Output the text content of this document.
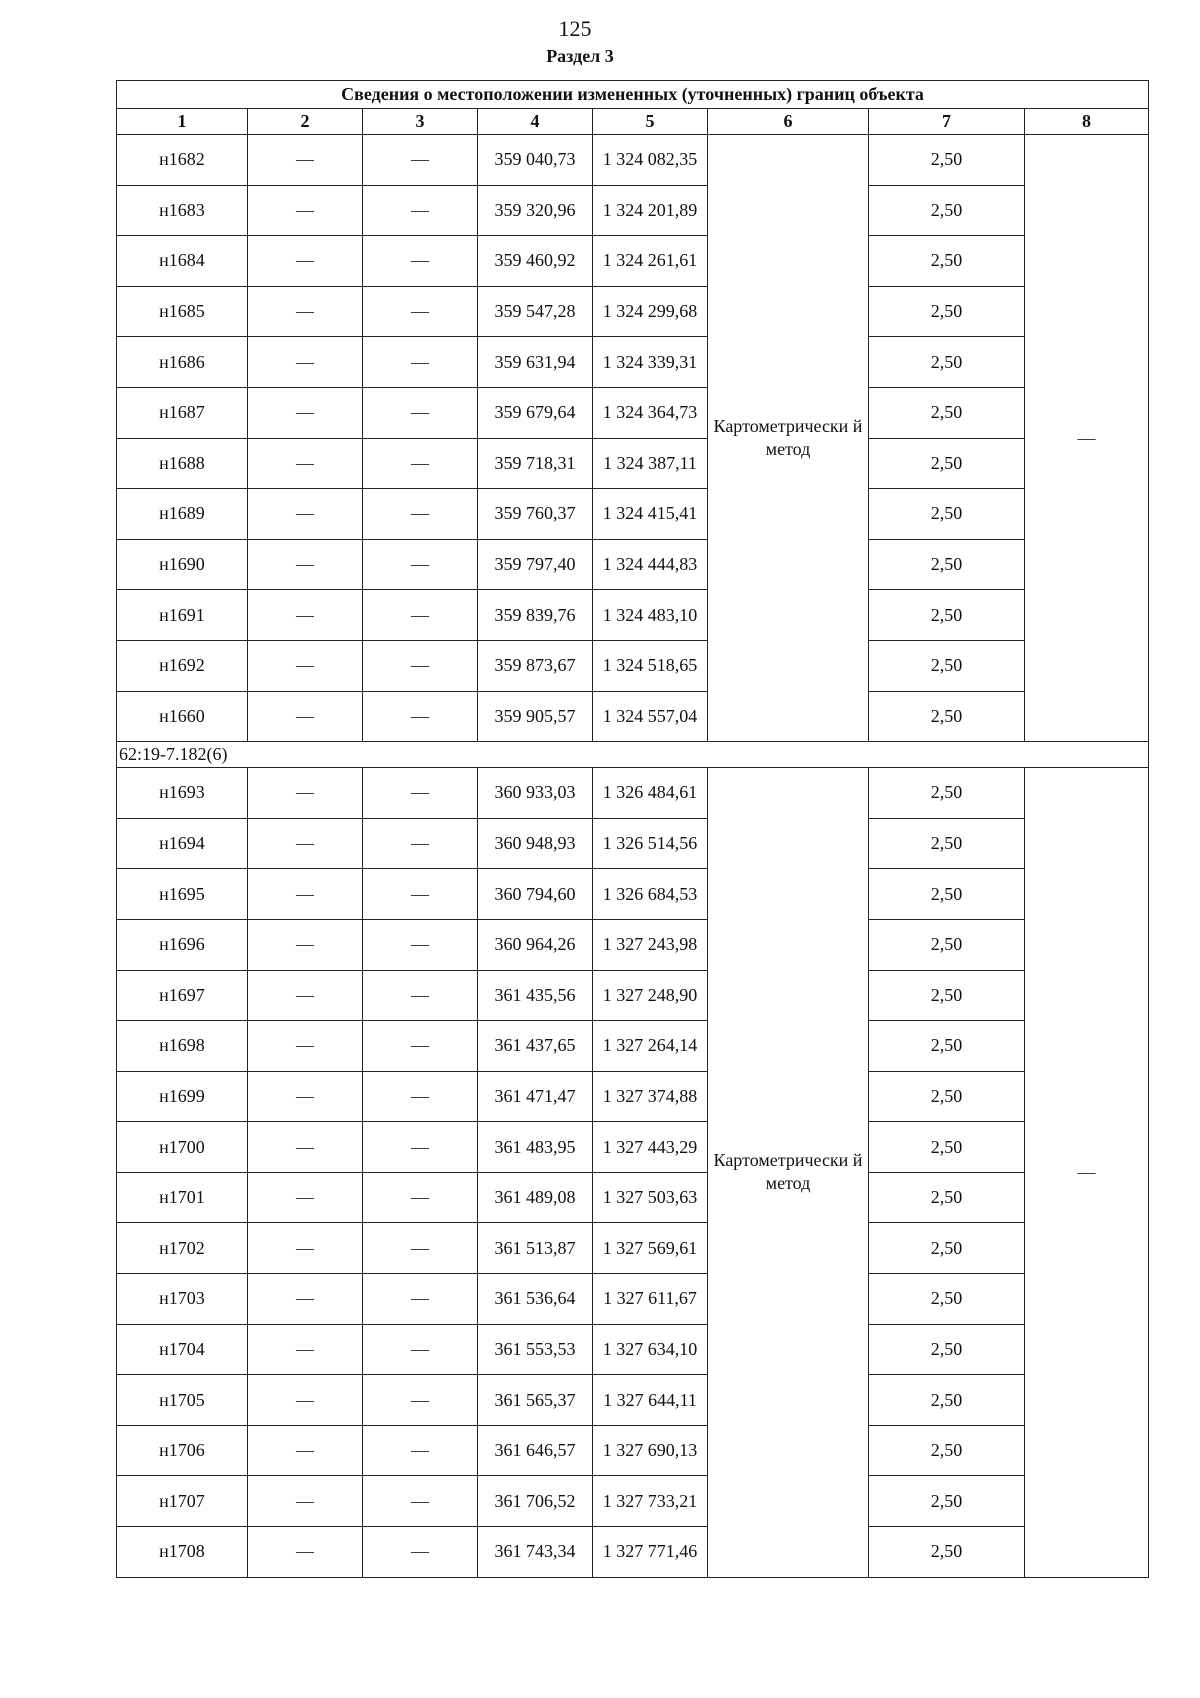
125
Раздел 3
Сведения о местоположении измененных (уточненных) границ объекта							
1	2	3	4	5	6	7	8
н1682	—	—	359 040,73	1 324 082,35	Картометрически й метод	2,50	—
н1683	—	—	359 320,96	1 324 201,89		2,50	
н1684	—	—	359 460,92	1 324 261,61		2,50	
н1685	—	—	359 547,28	1 324 299,68		2,50	
н1686	—	—	359 631,94	1 324 339,31		2,50	
н1687	—	—	359 679,64	1 324 364,73		2,50	
н1688	—	—	359 718,31	1 324 387,11		2,50	
н1689	—	—	359 760,37	1 324 415,41		2,50	
н1690	—	—	359 797,40	1 324 444,83		2,50	
н1691	—	—	359 839,76	1 324 483,10		2,50	
н1692	—	—	359 873,67	1 324 518,65		2,50	
н1660	—	—	359 905,57	1 324 557,04		2,50	
62:19-7.182(6)							
н1693	—	—	360 933,03	1 326 484,61	Картометрически й метод	2,50	—
н1694	—	—	360 948,93	1 326 514,56		2,50	
н1695	—	—	360 794,60	1 326 684,53		2,50	
н1696	—	—	360 964,26	1 327 243,98		2,50	
н1697	—	—	361 435,56	1 327 248,90		2,50	
н1698	—	—	361 437,65	1 327 264,14		2,50	
н1699	—	—	361 471,47	1 327 374,88		2,50	
н1700	—	—	361 483,95	1 327 443,29		2,50	
н1701	—	—	361 489,08	1 327 503,63		2,50	
н1702	—	—	361 513,87	1 327 569,61		2,50	
н1703	—	—	361 536,64	1 327 611,67		2,50	
н1704	—	—	361 553,53	1 327 634,10		2,50	
н1705	—	—	361 565,37	1 327 644,11		2,50	
н1706	—	—	361 646,57	1 327 690,13		2,50	
н1707	—	—	361 706,52	1 327 733,21		2,50	
н1708	—	—	361 743,34	1 327 771,46		2,50	
